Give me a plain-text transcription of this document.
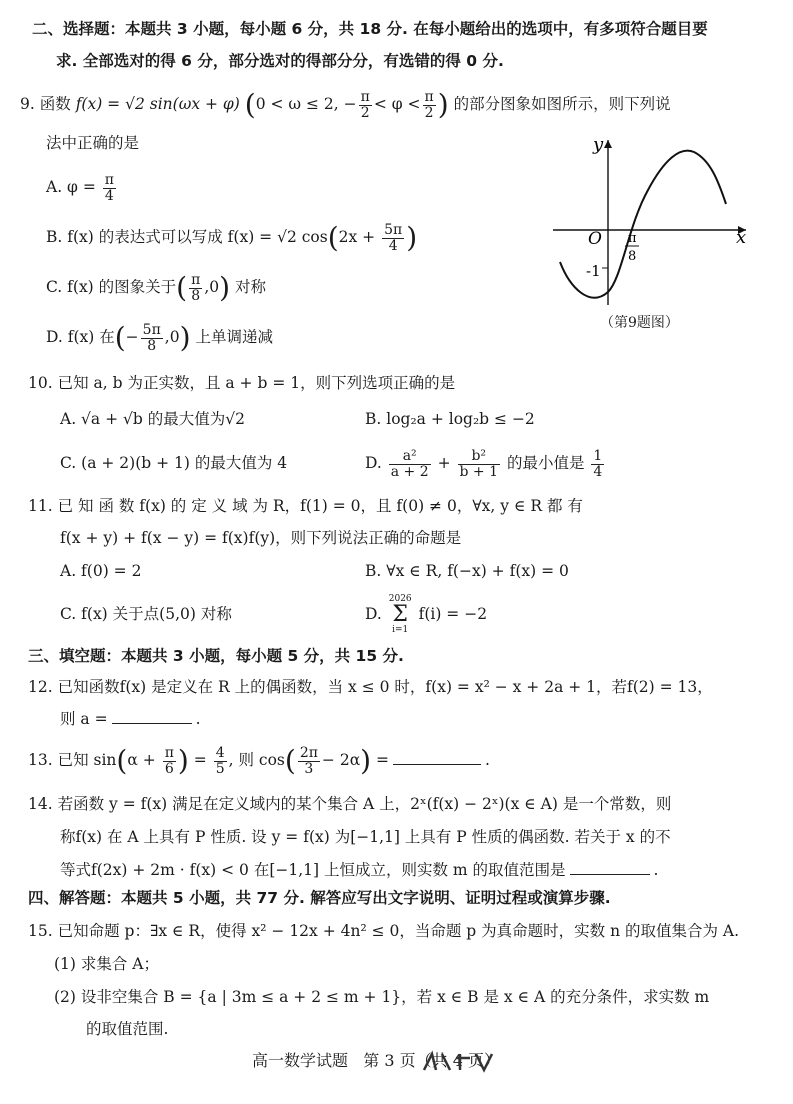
二、选择题：本题共 3 小题，每小题 6 分，共 18 分. 在每小题给出的选项中，有多项符合题目要
求. 全部选对的得 6 分，部分选对的得部分分，有选错的得 0 分.
9. 函数 f(x) = √2 sin(ωx + φ) (0 < ω ≤ 2, − $\frac{\pi}{2} < \varphi < \frac{\pi}{2}$ ) 的部分图象如图所示，则下列说
法中正确的是
A. $\varphi = \frac{\pi}{4}$
B. f(x) 的表达式可以写成 f(x) = √2 $\cos(2x + \frac{5\pi}{4}$ )
C. f(x) 的图象关于( $\frac{\pi}{8} ,0$) 对称
D. f(x) 在(− $\frac{5\pi}{8} ,0$) 上单调递减
y
x
O
-1
π
8
（第9题图）
10. 已知 a, b 为正实数，且 a + b = 1，则下列选项正确的是
A. √a + √b 的最大值为√2	B. log₂a + log₂b ≤ −2
C. (a + 2)(b + 1) 的最大值为 4	D. $\frac{\text{a²}}{a + 2} + \frac{\text{b²}}{b + 1}$ 的最小值是 $\frac{1}{4}$
11. 已 知 函 数 f(x) 的 定 义 域 为 R，f(1) = 0，且 f(0) ≠ 0，∀x, y ∈ R 都 有
f(x + y) + f(x − y) = f(x)f(y)，则下列说法正确的命题是
A. f(0) = 2	B. ∀x ∈ R, f(−x) + f(x) = 0
C. f(x) 关于点(5,0) 对称	D.
2026
Σ
i=1
f(i) = −2
三、填空题：本题共 3 小题，每小题 5 分，共 15 分.
12. 已知函数f(x) 是定义在 R 上的偶函数，当 x ≤ 0 时，f(x) = x² − x + 2a + 1，若f(2) = 13，
则 a =	.
13. 已知 $\sin(\alpha + \frac{\pi}{6}$ ) = $\frac{4}{5}$ , 则 $\cos( \frac{2\pi}{3} - 2\alpha)$ =	.
14. 若函数 y = f(x) 满足在定义域内的某个集合 A 上，2ˣ(f(x) − 2ˣ)(x ∈ A) 是一个常数，则
称f(x) 在 A 上具有 P 性质. 设 y = f(x) 为[−1,1] 上具有 P 性质的偶函数. 若关于 x 的不
等式f(2x) + 2m · f(x) < 0 在[−1,1] 上恒成立，则实数 m 的取值范围是	.
四、解答题：本题共 5 小题，共 77 分. 解答应写出文字说明、证明过程或演算步骤.
15. 已知命题 p：∃x ∈ R，使得 x² − 12x + 4n² ≤ 0，当命题 p 为真命题时，实数 n 的取值集合为 A.
(1) 求集合 A；
(2) 设非空集合 B = {a | 3m ≤ a + 2 ≤ m + 1}，若 x ∈ B 是 x ∈ A 的充分条件，求实数 m
的取值范围.
高一数学试题 第 3 页（共 4 页）
